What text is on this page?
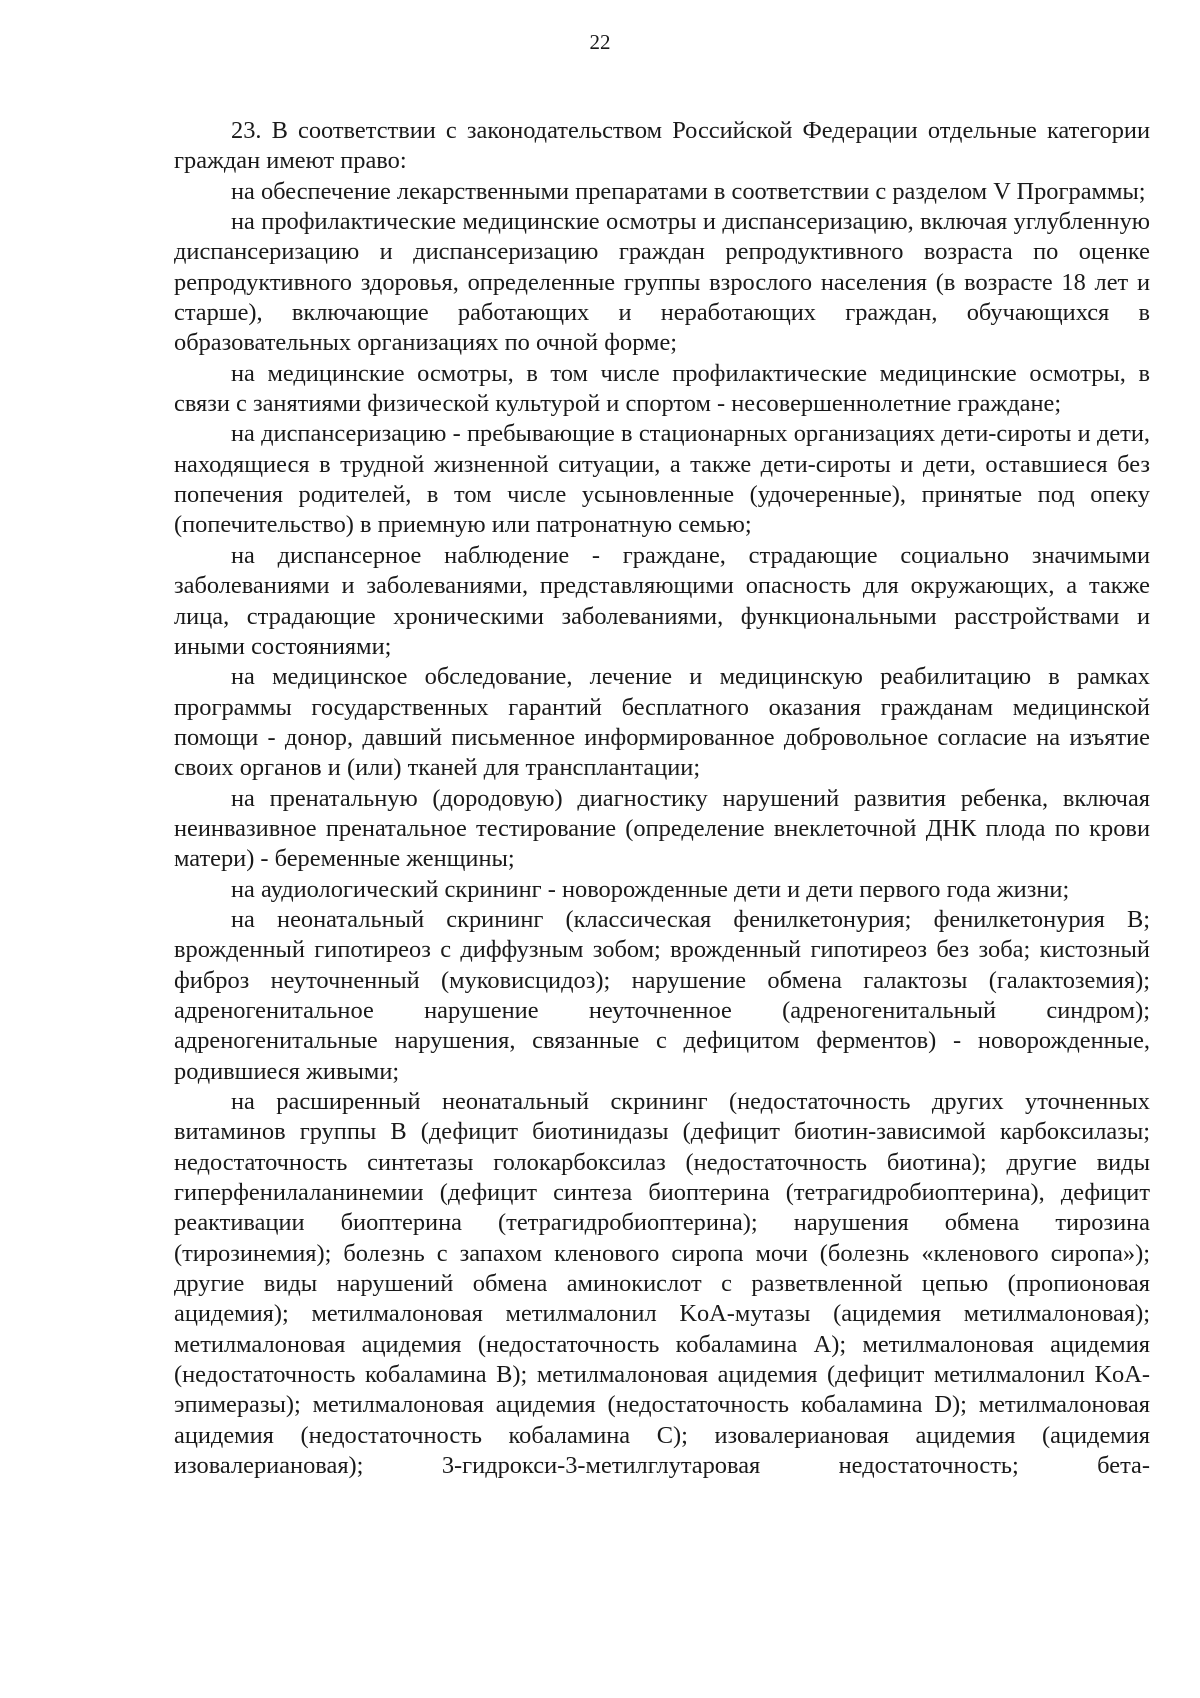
22

23. В соответствии с законодательством Российской Федерации отдельные категории граждан имеют право:

на обеспечение лекарственными препаратами в соответствии с разделом V Программы;

на профилактические медицинские осмотры и диспансеризацию, включая углубленную диспансеризацию и диспансеризацию граждан репродуктивного возраста по оценке репродуктивного здоровья, определенные группы взрослого населения (в возрасте 18 лет и старше), включающие работающих и неработающих граждан, обучающихся в образовательных организациях по очной форме;

на медицинские осмотры, в том числе профилактические медицинские осмотры, в связи с занятиями физической культурой и спортом - несовершеннолетние граждане;

на диспансеризацию - пребывающие в стационарных организациях дети-сироты и дети, находящиеся в трудной жизненной ситуации, а также дети-сироты и дети, оставшиеся без попечения родителей, в том числе усыновленные (удочеренные), принятые под опеку (попечительство) в приемную или патронатную семью;

на диспансерное наблюдение - граждане, страдающие социально значимыми заболеваниями и заболеваниями, представляющими опасность для окружающих, а также лица, страдающие хроническими заболеваниями, функциональными расстройствами и иными состояниями;

на медицинское обследование, лечение и медицинскую реабилитацию в рамках программы государственных гарантий бесплатного оказания гражданам медицинской помощи - донор, давший письменное информированное добровольное согласие на изъятие своих органов и (или) тканей для трансплантации;

на пренатальную (дородовую) диагностику нарушений развития ребенка, включая неинвазивное пренатальное тестирование (определение внеклеточной ДНК плода по крови матери) - беременные женщины;

на аудиологический скрининг - новорожденные дети и дети первого года жизни;

на неонатальный скрининг (классическая фенилкетонурия; фенилкетонурия B; врожденный гипотиреоз с диффузным зобом; врожденный гипотиреоз без зоба; кистозный фиброз неуточненный (муковисцидоз); нарушение обмена галактозы (галактоземия); адреногенитальное нарушение неуточненное (адреногенитальный синдром); адреногенитальные нарушения, связанные с дефицитом ферментов) - новорожденные, родившиеся живыми;

на расширенный неонатальный скрининг (недостаточность других уточненных витаминов группы B (дефицит биотинидазы (дефицит биотин-зависимой карбоксилазы; недостаточность синтетазы голокарбоксилаз (недостаточность биотина); другие виды гиперфенилаланинемии (дефицит синтеза биоптерина (тетрагидробиоптерина), дефицит реактивации биоптерина (тетрагидробиоптерина); нарушения обмена тирозина (тирозинемия); болезнь с запахом кленового сиропа мочи (болезнь «кленового сиропа»); другие виды нарушений обмена аминокислот с разветвленной цепью (пропионовая ацидемия); метилмалоновая метилмалонил KoA-мутазы (ацидемия метилмалоновая); метилмалоновая ацидемия (недостаточность кобаламина A); метилмалоновая ацидемия (недостаточность кобаламина B); метилмалоновая ацидемия (дефицит метилмалонил KoA-эпимеразы); метилмалоновая ацидемия (недостаточность кобаламина D); метилмалоновая ацидемия (недостаточность кобаламина C); изовалериановая ацидемия (ацидемия изовалериановая); 3-гидрокси-3-метилглутаровая недостаточность; бета-
